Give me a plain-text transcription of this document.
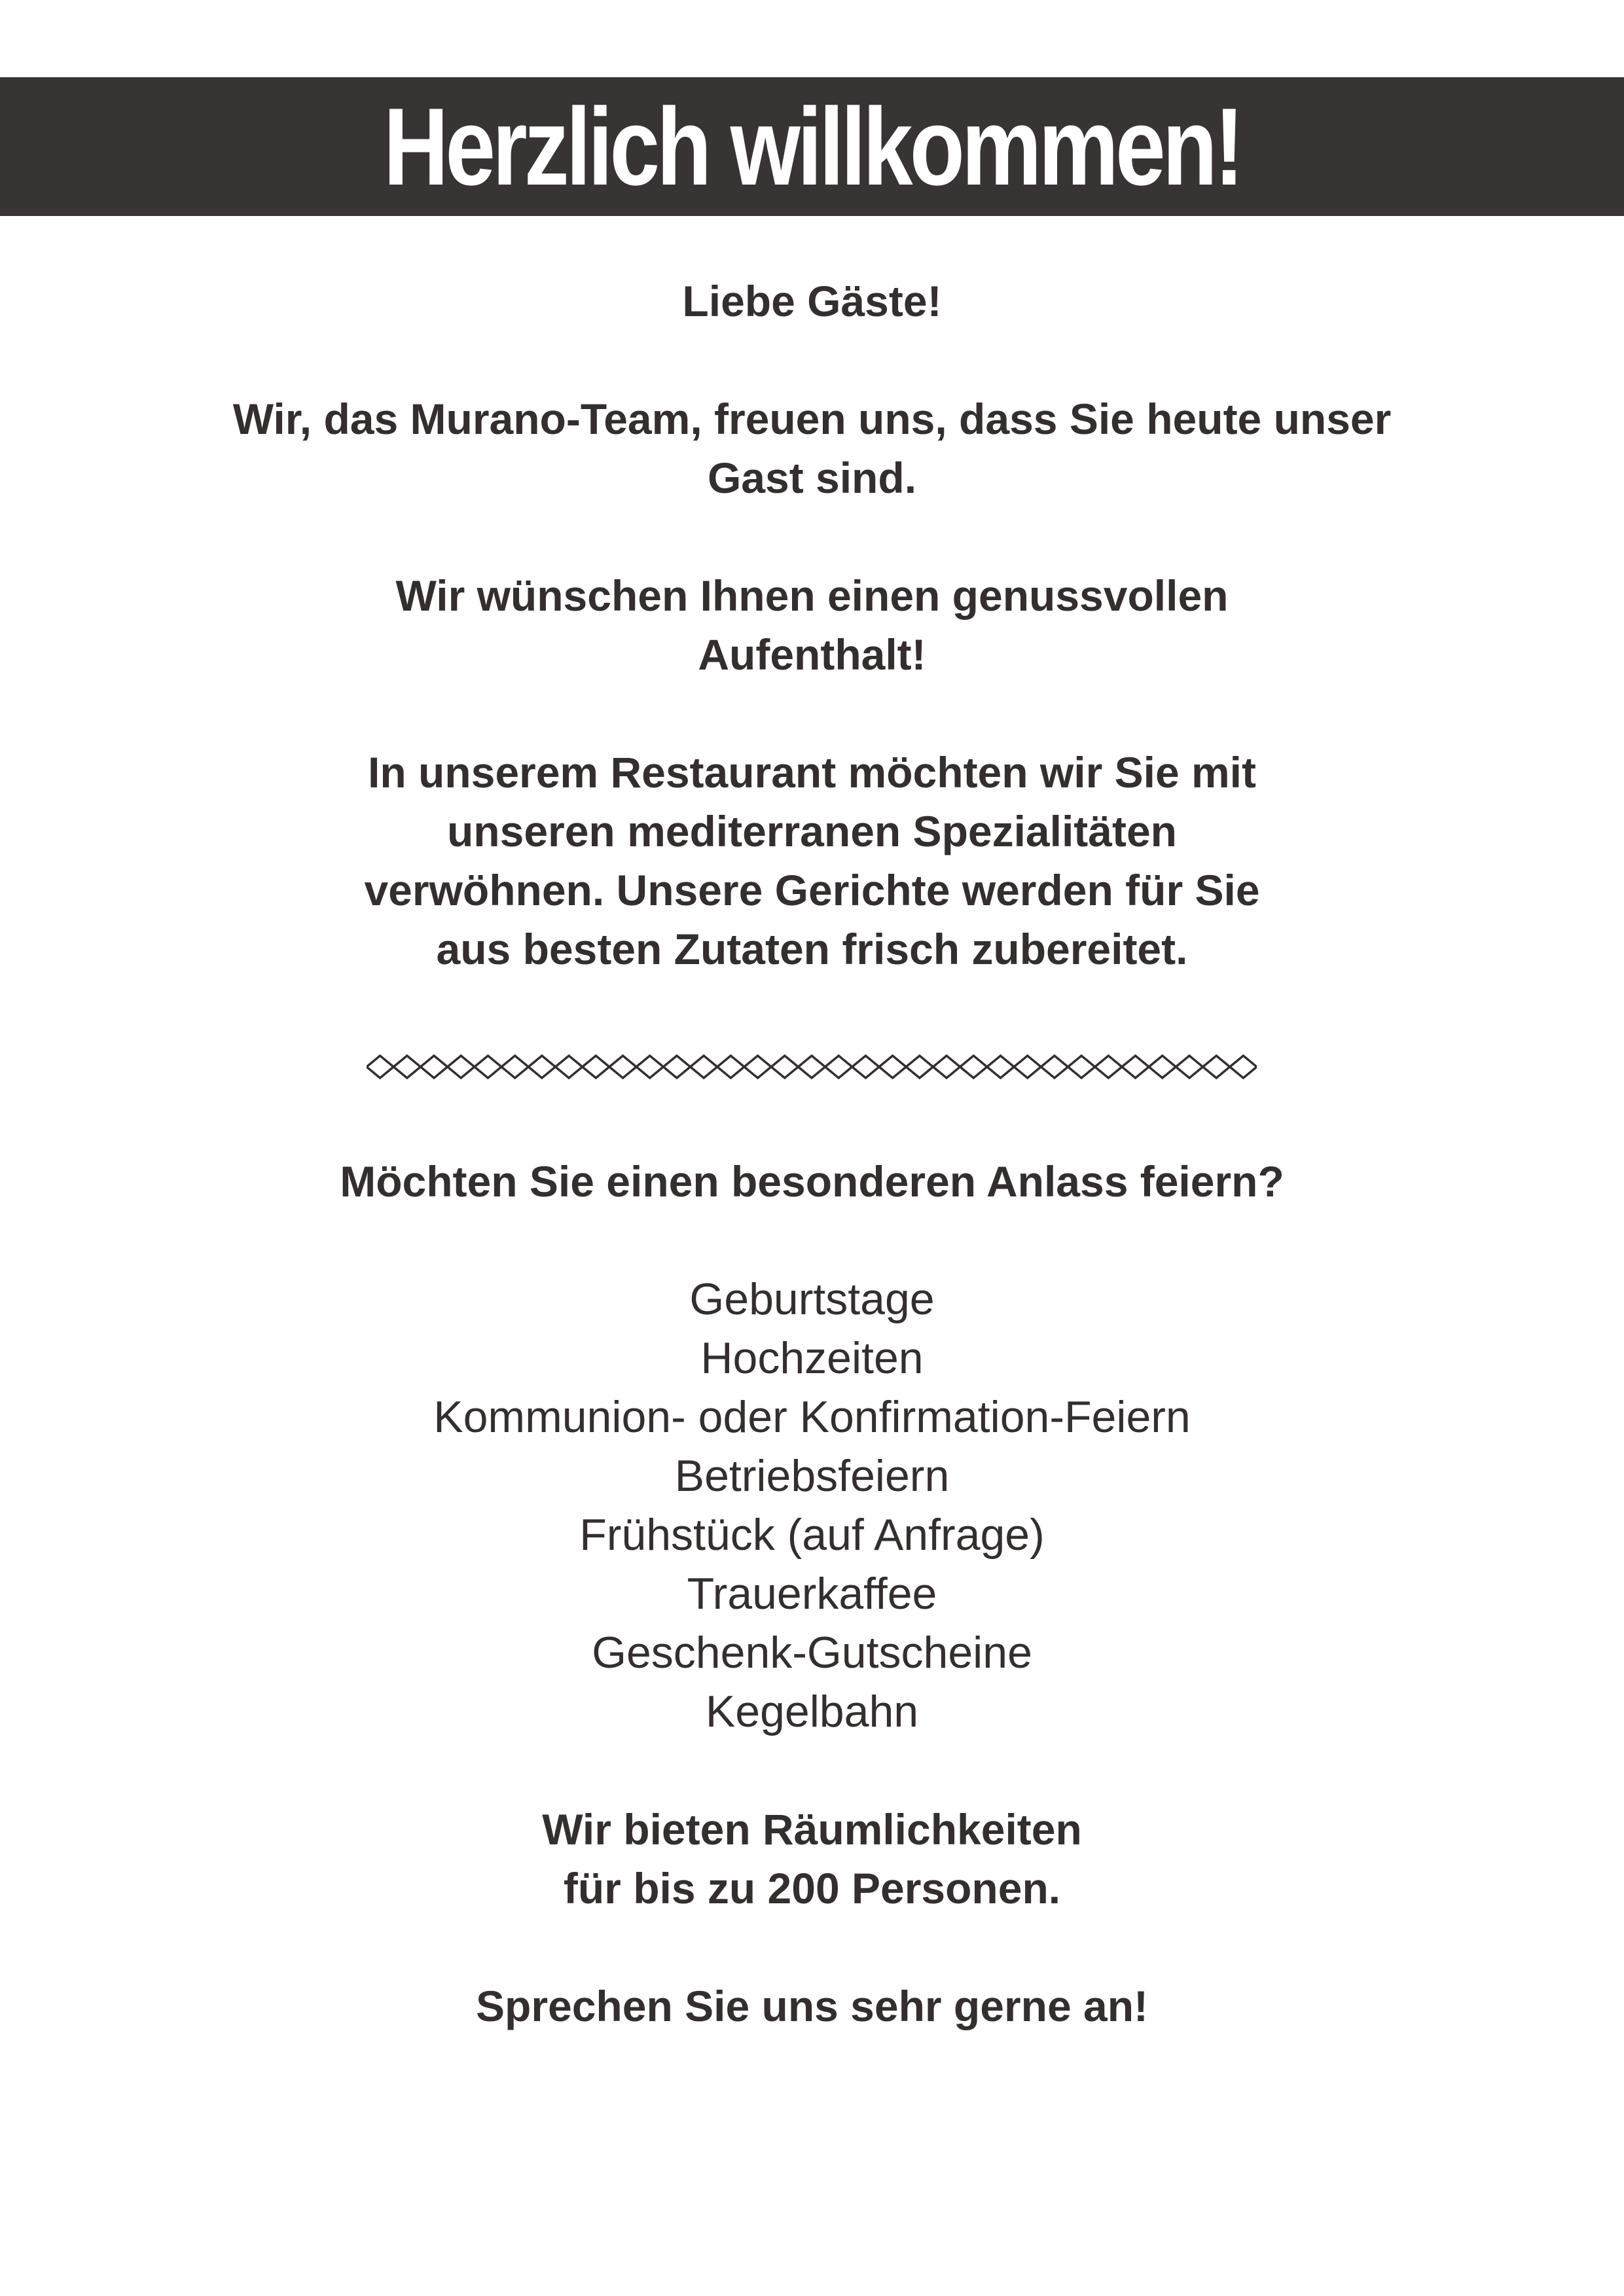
Herzlich willkommen!
Liebe Gäste!
Wir, das Murano-Team, freuen uns, dass Sie heute unser
Gast sind.
Wir wünschen Ihnen einen genussvollen
Aufenthalt!
In unserem Restaurant möchten wir Sie mit
unseren mediterranen Spezialitäten
verwöhnen. Unsere Gerichte werden für Sie
aus besten Zutaten frisch zubereitet.
Möchten Sie einen besonderen Anlass feiern?
Geburtstage
Hochzeiten
Kommunion- oder Konfirmation-Feiern
Betriebsfeiern
Frühstück (auf Anfrage)
Trauerkaffee
Geschenk-Gutscheine
Kegelbahn
Wir bieten Räumlichkeiten
für bis zu 200 Personen.
Sprechen Sie uns sehr gerne an!
